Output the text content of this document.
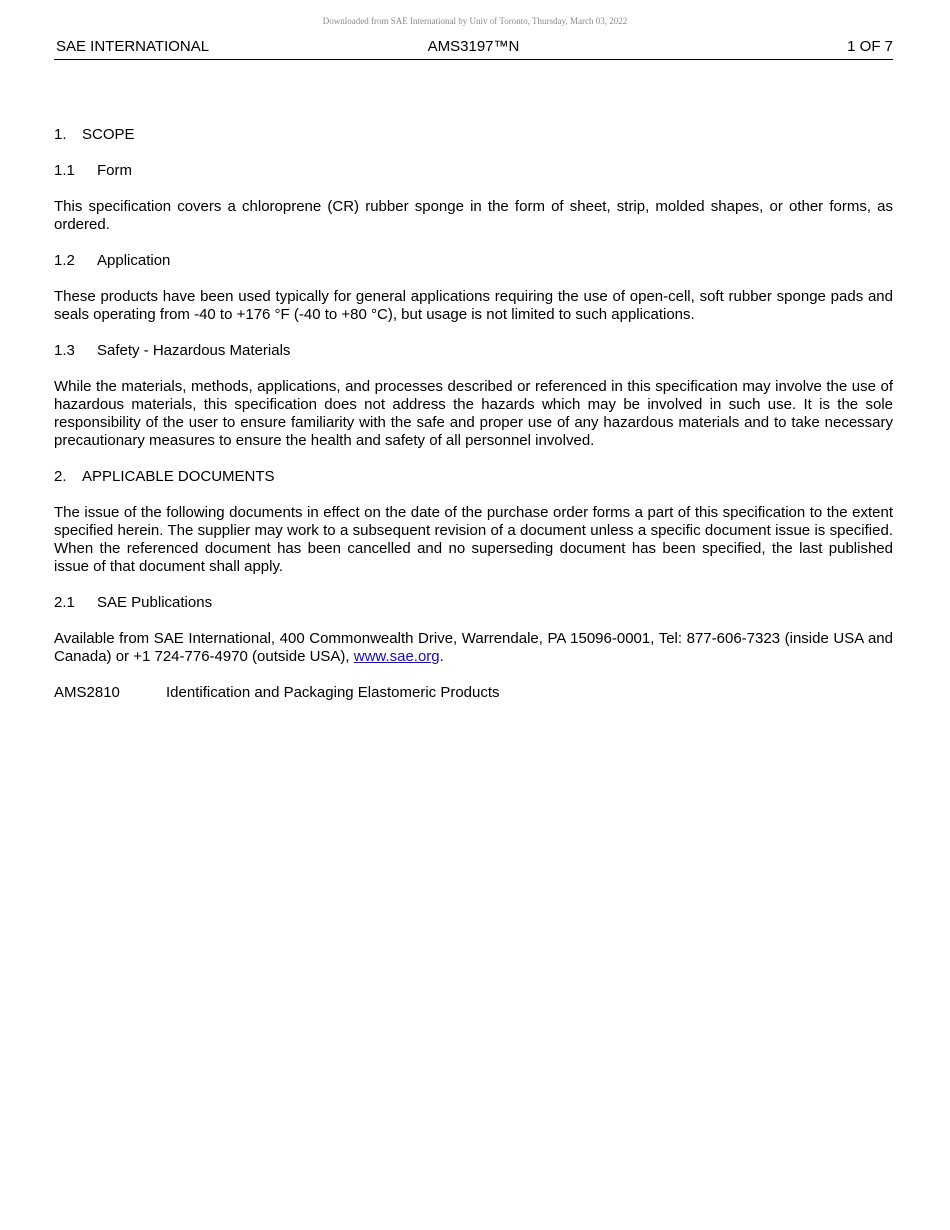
Downloaded from SAE International by Univ of Toronto, Thursday, March 03, 2022
SAE INTERNATIONAL	AMS3197™N	1 OF 7
1. SCOPE
1.1 Form

This specification covers a chloroprene (CR) rubber sponge in the form of sheet, strip, molded shapes, or other forms, as ordered.

1.2 Application

These products have been used typically for general applications requiring the use of open-cell, soft rubber sponge pads and seals operating from -40 to +176 °F (-40 to +80 °C), but usage is not limited to such applications.

1.3 Safety - Hazardous Materials

While the materials, methods, applications, and processes described or referenced in this specification may involve the use of hazardous materials, this specification does not address the hazards which may be involved in such use. It is the sole responsibility of the user to ensure familiarity with the safe and proper use of any hazardous materials and to take necessary precautionary measures to ensure the health and safety of all personnel involved.

2. APPLICABLE DOCUMENTS

The issue of the following documents in effect on the date of the purchase order forms a part of this specification to the extent specified herein. The supplier may work to a subsequent revision of a document unless a specific document issue is specified. When the referenced document has been cancelled and no superseding document has been specified, the last published issue of that document shall apply.

2.1 SAE Publications

Available from SAE International, 400 Commonwealth Drive, Warrendale, PA 15096-0001, Tel: 877-606-7323 (inside USA and Canada) or +1 724-776-4970 (outside USA), www.sae.org.

AMS2810	Identification and Packaging Elastomeric Products
